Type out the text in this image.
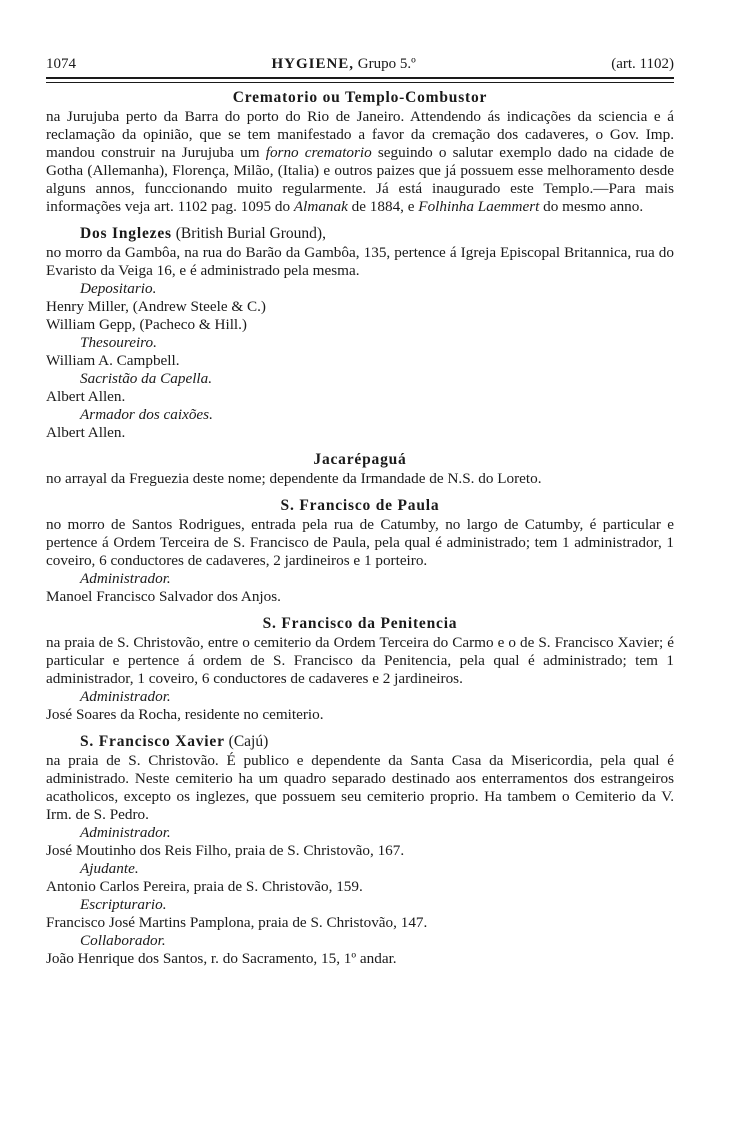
1074	HYGIENE, Grupo 5.º	(art. 1102)
Crematorio ou Templo-Combustor

na Jurujuba perto da Barra do porto do Rio de Janeiro. Attendendo ás indicações da sciencia e á reclamação da opinião, que se tem manifestado a favor da cremação dos cadaveres, o Gov. Imp. mandou construir na Jurujuba um forno crematorio seguindo o salutar exemplo dado na cidade de Gotha (Allemanha), Florença, Milão, (Italia) e outros paizes que já possuem esse melhoramento desde alguns annos, funccionando muito regularmente. Já está inaugurado este Templo.—Para mais informações veja art. 1102 pag. 1095 do Almanak de 1884, e Folhinha Laemmert do mesmo anno.

Dos Inglezes (British Burial Ground),

no morro da Gambôa, na rua do Barão da Gambôa, 135, pertence á Igreja Episcopal Britannica, rua do Evaristo da Veiga 16, e é administrado pela mesma.

Depositario.
Henry Miller, (Andrew Steele & C.)
William Gepp, (Pacheco & Hill.)
Thesoureiro.
William A. Campbell.
Sacristão da Capella.
Albert Allen.
Armador dos caixões.
Albert Allen.
Jacarépaguá

no arrayal da Freguezia deste nome; dependente da Irmandade de N.S. do Loreto.

S. Francisco de Paula

no morro de Santos Rodrigues, entrada pela rua de Catumby, no largo de Catumby, é particular e pertence á Ordem Terceira de S. Francisco de Paula, pela qual é administrado; tem 1 administrador, 1 coveiro, 6 conductores de cadaveres, 2 jardineiros e 1 porteiro.

Administrador.
Manoel Francisco Salvador dos Anjos.
S. Francisco da Penitencia

na praia de S. Christovão, entre o cemiterio da Ordem Terceira do Carmo e o de S. Francisco Xavier; é particular e pertence á ordem de S. Francisco da Penitencia, pela qual é administrado; tem 1 administrador, 1 coveiro, 6 conductores de cadaveres e 2 jardineiros.

Administrador.
José Soares da Rocha, residente no cemiterio.
S. Francisco Xavier (Cajú)

na praia de S. Christovão. É publico e dependente da Santa Casa da Misericordia, pela qual é administrado. Neste cemiterio ha um quadro separado destinado aos enterramentos dos estrangeiros acatholicos, excepto os inglezes, que possuem seu cemiterio proprio. Ha tambem o Cemiterio da V. Irm. de S. Pedro.

Administrador.
José Moutinho dos Reis Filho, praia de S. Christovão, 167.
Ajudante.
Antonio Carlos Pereira, praia de S. Christovão, 159.
Escripturario.
Francisco José Martins Pamplona, praia de S. Christovão, 147.
Collaborador.
João Henrique dos Santos, r. do Sacramento, 15, 1º andar.
